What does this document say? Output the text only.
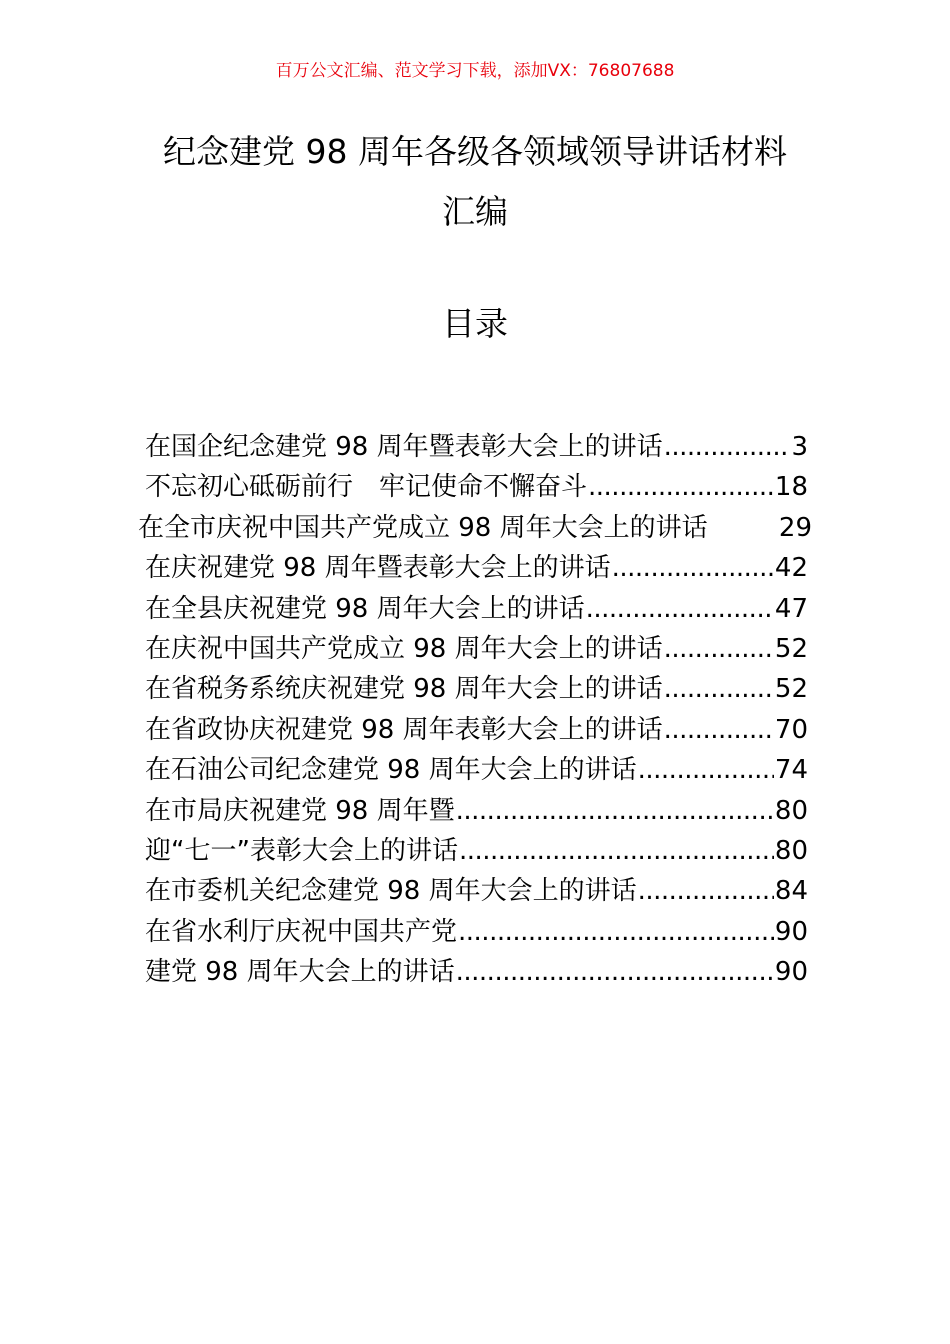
百万公文汇编、范文学习下载，添加VX：76807688
纪念建党 98 周年各级各领域领导讲话材料
汇编
目录
在国企纪念建党 98 周年暨表彰大会上的讲话 .....	3
不忘初心砥砺前行　牢记使命不懈奋斗 .....	18
在全市庆祝中国共产党成立 98 周年大会上的讲话	29
在庆祝建党 98 周年暨表彰大会上的讲话 .....	42
在全县庆祝建党 98 周年大会上的讲话 .....	47
在庆祝中国共产党成立 98 周年大会上的讲话 .....	52
在省税务系统庆祝建党 98 周年大会上的讲话 .....	52
在省政协庆祝建党 98 周年表彰大会上的讲话 .....	70
在石油公司纪念建党 98 周年大会上的讲话 .....	74
在市局庆祝建党 98 周年暨 .....	80
迎“七一”表彰大会上的讲话 .....	80
在市委机关纪念建党 98 周年大会上的讲话 .....	84
在省水利厅庆祝中国共产党 .....	90
建党 98 周年大会上的讲话 .....	90
